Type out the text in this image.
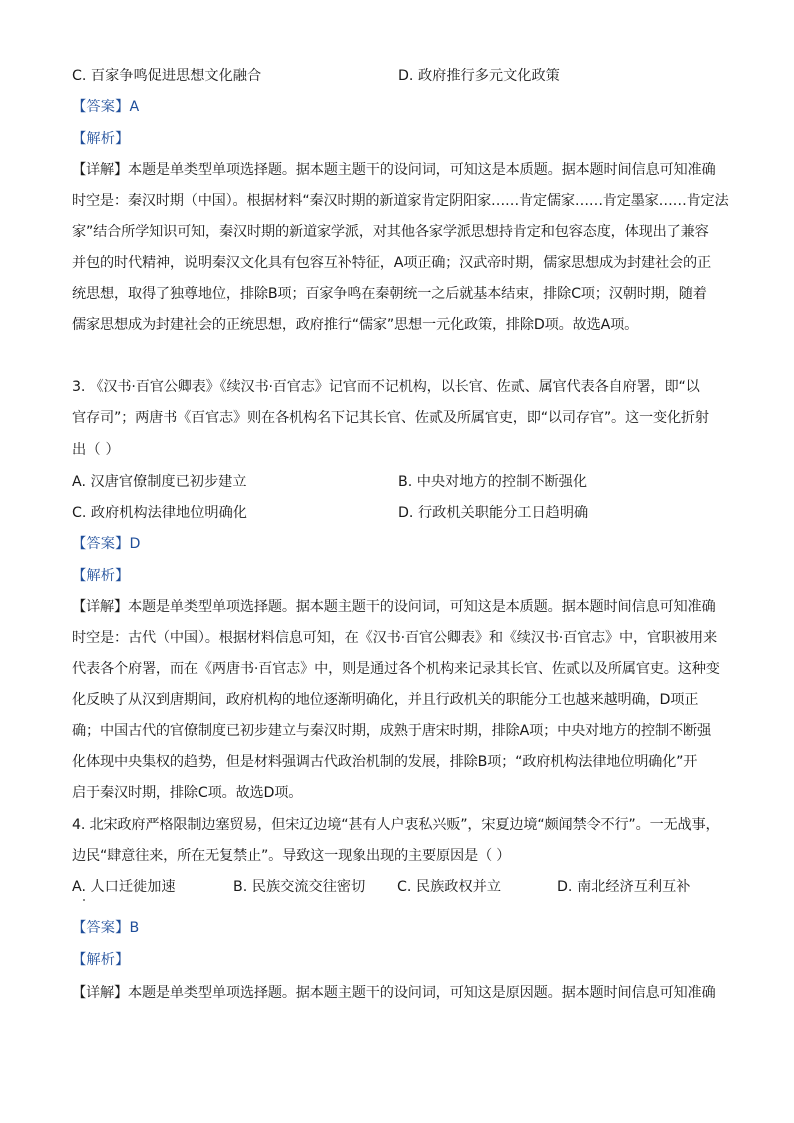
C. 百家争鸣促进思想文化融合	D. 政府推行多元文化政策
【答案】A
【解析】
【详解】本题是单类型单项选择题。据本题主题干的设问词，可知这是本质题。据本题时间信息可知准确
时空是：秦汉时期（中国）。根据材料“秦汉时期的新道家肯定阴阳家……肯定儒家……肯定墨家……肯定法
家”结合所学知识可知，秦汉时期的新道家学派，对其他各家学派思想持肯定和包容态度，体现出了兼容
并包的时代精神，说明秦汉文化具有包容互补特征，A项正确；汉武帝时期，儒家思想成为封建社会的正
统思想，取得了独尊地位，排除B项；百家争鸣在秦朝统一之后就基本结束，排除C项；汉朝时期，随着
儒家思想成为封建社会的正统思想，政府推行“儒家”思想一元化政策，排除D项。故选A项。
3. 《汉书·百官公卿表》《续汉书·百官志》记官而不记机构，以长官、佐贰、属官代表各自府署，即“以
官存司”；两唐书《百官志》则在各机构名下记其长官、佐贰及所属官吏，即“以司存官”。这一变化折射
出（ ）
A. 汉唐官僚制度已初步建立	B. 中央对地方的控制不断强化
C. 政府机构法律地位明确化	D. 行政机关职能分工日趋明确
【答案】D
【解析】
【详解】本题是单类型单项选择题。据本题主题干的设问词，可知这是本质题。据本题时间信息可知准确
时空是：古代（中国）。根据材料信息可知，在《汉书·百官公卿表》和《续汉书·百官志》中，官职被用来
代表各个府署，而在《两唐书·百官志》中，则是通过各个机构来记录其长官、佐贰以及所属官吏。这种变
化反映了从汉到唐期间，政府机构的地位逐渐明确化，并且行政机关的职能分工也越来越明确，D项正
确；中国古代的官僚制度已初步建立与秦汉时期，成熟于唐宋时期，排除A项；中央对地方的控制不断强
化体现中央集权的趋势，但是材料强调古代政治机制的发展，排除B项；“政府机构法律地位明确化”开
启于秦汉时期，排除C项。故选D项。
4. 北宋政府严格限制边塞贸易，但宋辽边境“甚有人户衷私兴贩”，宋夏边境“颇闻禁令不行”。一无战事，
边民“肆意往来，所在无复禁止”。导致这一现象出现的主要原因是（ ）
A. 人口迁徙加速	B. 民族交流交往密切 C. 民族政权并立	D. 南北经济互利互补
【答案】B
【解析】
【详解】本题是单类型单项选择题。据本题主题干的设问词，可知这是原因题。据本题时间信息可知准确
